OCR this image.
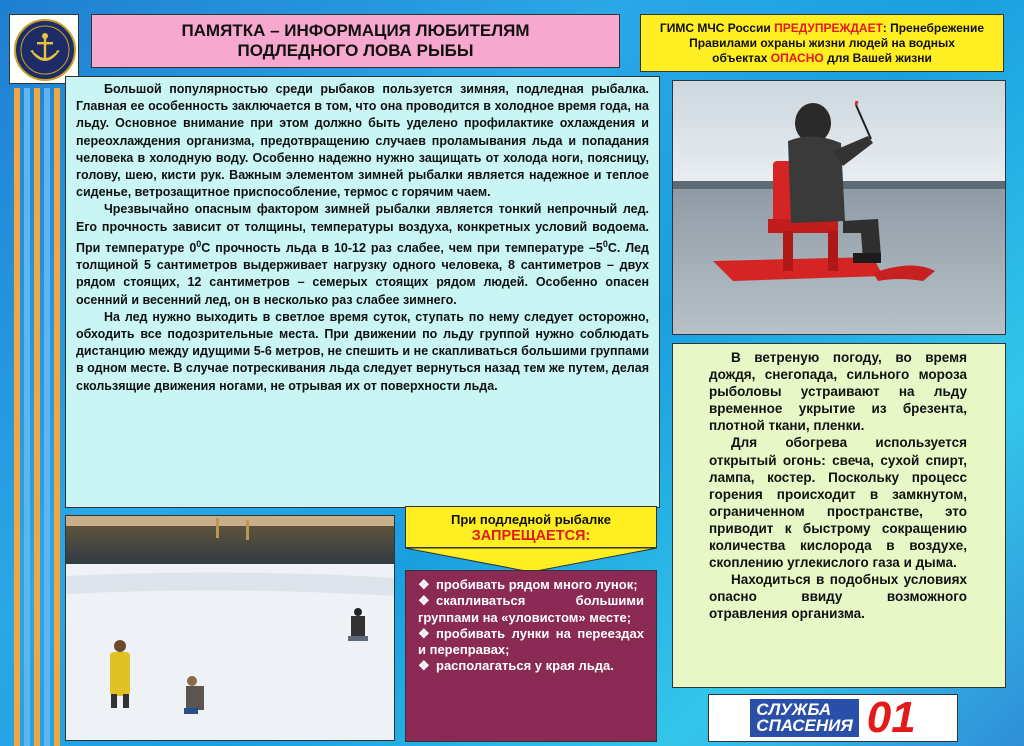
ПАМЯТКА – ИНФОРМАЦИЯ ЛЮБИТЕЛЯМ
ПОДЛЕДНОГО ЛОВА РЫБЫ
ГИМС МЧС России ПРЕДУПРЕЖДАЕТ: Пренебрежение
Правилами охраны жизни людей на водных
объектах ОПАСНО для Вашей жизни

Большой популярностью среди рыбаков пользуется зимняя, подледная рыбалка. Главная ее особенность заключается в том, что она проводится в холодное время года, на льду. Основное внимание при этом должно быть уделено профилактике охлаждения и переохлаждения организма, предотвращению случаев проламывания льда и попадания человека в холодную воду. Особенно надежно нужно защищать от холода ноги, поясницу, голову, шею, кисти рук. Важным элементом зимней рыбалки является надежное и теплое сиденье, ветрозащитное приспособление, термос с горячим чаем.

Чрезвычайно опасным фактором зимней рыбалки является тонкий непрочный лед. Его прочность зависит от толщины, температуры воздуха, конкретных условий водоема. При температуре $0^0С$ прочность льда в 10-12 раз слабее, чем при температуре $-5^0С$. Лед толщиной 5 сантиметров выдерживает нагрузку одного человека, 8 сантиметров – двух рядом стоящих, 12 сантиметров – семерых стоящих рядом людей. Особенно опасен осенний и весенний лед, он в несколько раз слабее зимнего.

На лед нужно выходить в светлое время суток, ступать по нему следует осторожно, обходить все подозрительные места. При движении по льду группой нужно соблюдать дистанцию между идущими 5-6 метров, не спешить и не скапливаться большими группами в одном месте. В случае потрескивания льда следует вернуться назад тем же путем, делая скользящие движения ногами, не отрывая их от поверхности льда.

В ветреную погоду, во время дождя, снегопада, сильного мороза рыболовы устраивают на льду временное укрытие из брезента, плотной ткани, пленки.

Для обогрева используется открытый огонь: свеча, сухой спирт, лампа, костер. Поскольку процесс горения происходит в замкнутом, ограниченном пространстве, это приводит к быстрому сокращению количества кислорода в воздухе, скоплению углекислого газа и дыма.

Находиться в подобных условиях опасно ввиду возможного отравления организма.

При подледной рыбалке
ЗАПРЕЩАЕТСЯ:
❖ пробивать рядом много лунок;
❖ скапливаться большими группами на «уловистом» месте;
❖ пробивать лунки на переездах и переправах;
❖ располагаться у края льда.
СЛУЖБА
СПАСЕНИЯ 01
